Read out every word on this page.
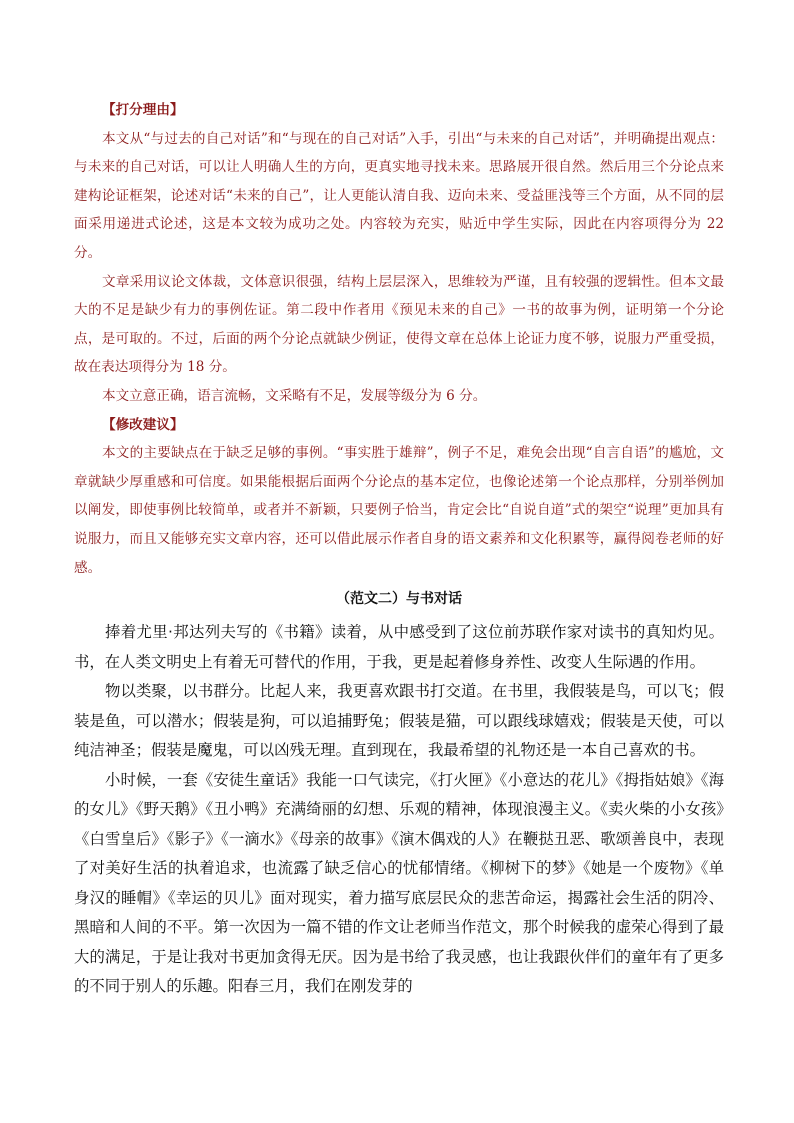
【打分理由】

本文从“与过去的自己对话”和“与现在的自己对话”入手，引出“与未来的自己对话”，并明确提出观点：与未来的自己对话，可以让人明确人生的方向，更真实地寻找未来。思路展开很自然。然后用三个分论点来建构论证框架，论述对话“未来的自己”，让人更能认清自我、迈向未来、受益匪浅等三个方面，从不同的层面采用递进式论述，这是本文较为成功之处。内容较为充实，贴近中学生实际，因此在内容项得分为 22 分。

文章采用议论文体裁，文体意识很强，结构上层层深入，思维较为严谨，且有较强的逻辑性。但本文最大的不足是缺少有力的事例佐证。第二段中作者用《预见未来的自己》一书的故事为例，证明第一个分论点，是可取的。不过，后面的两个分论点就缺少例证，使得文章在总体上论证力度不够，说服力严重受损，故在表达项得分为 18 分。

本文立意正确，语言流畅，文采略有不足，发展等级分为 6 分。

【修改建议】

本文的主要缺点在于缺乏足够的事例。“事实胜于雄辩”，例子不足，难免会出现“自言自语”的尴尬，文章就缺少厚重感和可信度。如果能根据后面两个分论点的基本定位，也像论述第一个论点那样，分别举例加以阐发，即使事例比较简单，或者并不新颖，只要例子恰当，肯定会比“自说自道”式的架空“说理”更加具有说服力，而且又能够充实文章内容，还可以借此展示作者自身的语文素养和文化积累等，赢得阅卷老师的好感。

（范文二）与书对话

捧着尤里·邦达列夫写的《书籍》读着，从中感受到了这位前苏联作家对读书的真知灼见。书，在人类文明史上有着无可替代的作用，于我，更是起着修身养性、改变人生际遇的作用。

物以类聚，以书群分。比起人来，我更喜欢跟书打交道。在书里，我假装是鸟，可以飞；假装是鱼，可以潜水；假装是狗，可以追捕野兔；假装是猫，可以跟线球嬉戏；假装是天使，可以纯洁神圣；假装是魔鬼，可以凶残无理。直到现在，我最希望的礼物还是一本自己喜欢的书。

小时候，一套《安徒生童话》我能一口气读完，《打火匣》《小意达的花儿》《拇指姑娘》《海的女儿》《野天鹅》《丑小鸭》充满绮丽的幻想、乐观的精神，体现浪漫主义。《卖火柴的小女孩》《白雪皇后》《影子》《一滴水》《母亲的故事》《演木偶戏的人》在鞭挞丑恶、歌颂善良中，表现了对美好生活的执着追求，也流露了缺乏信心的忧郁情绪。《柳树下的梦》《她是一个废物》《单身汉的睡帽》《幸运的贝儿》面对现实，着力描写底层民众的悲苦命运，揭露社会生活的阴冷、黑暗和人间的不平。第一次因为一篇不错的作文让老师当作范文，那个时候我的虚荣心得到了最大的满足，于是让我对书更加贪得无厌。因为是书给了我灵感，也让我跟伙伴们的童年有了更多的不同于别人的乐趣。阳春三月，我们在刚发芽的
